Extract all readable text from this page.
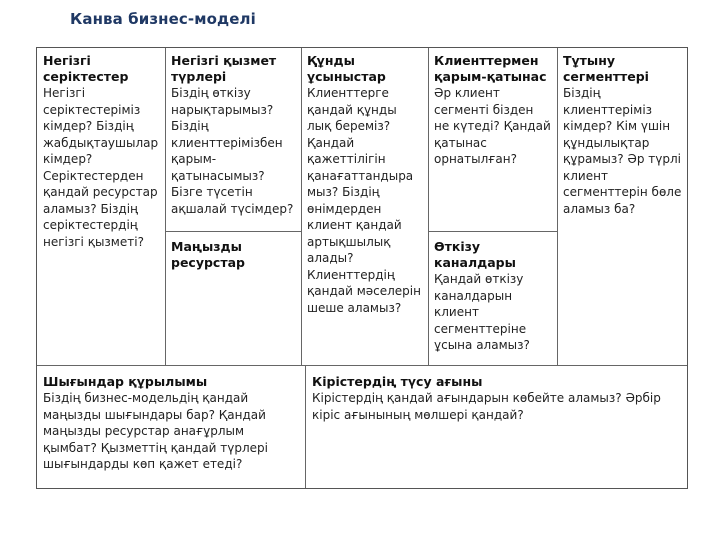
Канва бизнес-моделі
Негізгі серіктестер
Негізгі серіктестеріміз кімдер? Біздің жабдықтаушылар кімдер? Серіктестерден қандай ресурстар аламыз? Біздің серіктестердің негізгі қызметі?
Негізгі қызмет түрлері
Біздің өткізу нарықтарымыз? Біздің клиенттерімізбен қарым-қатынасымыз? Бізге түсетін ақшалай түсімдер?
Маңызды ресурстар
Құнды ұсыныстар
Клиенттерге қандай құнды лық береміз? Қандай қажеттілігін қанағаттандыра мыз? Біздің өнімдерден клиент қандай артықшылық алады? Клиенттердің қандай мәселерін шеше аламыз?
Клиенттермен қарым-қатынас
Әр клиент сегменті бізден не күтеді? Қандай қатынас орнатылған?
Өткізу каналдары
Қандай өткізу каналдарын клиент сегменттеріне ұсына аламыз?
Тұтыну сегменттері
Біздің клиенттеріміз кімдер? Кім үшін құндылықтар құрамыз? Әр түрлі клиент сегменттерін бөле аламыз ба?
Шығындар құрылымы
Біздің бизнес-модельдің қандай маңызды шығындары бар? Қандай маңызды ресурстар анағұрлым қымбат? Қызметтің қандай түрлері шығындарды көп қажет етеді?
Кірістердің түсу ағыны
Кірістердің қандай ағындарын көбейте аламыз? Әрбір кіріс ағынының мөлшері қандай?
